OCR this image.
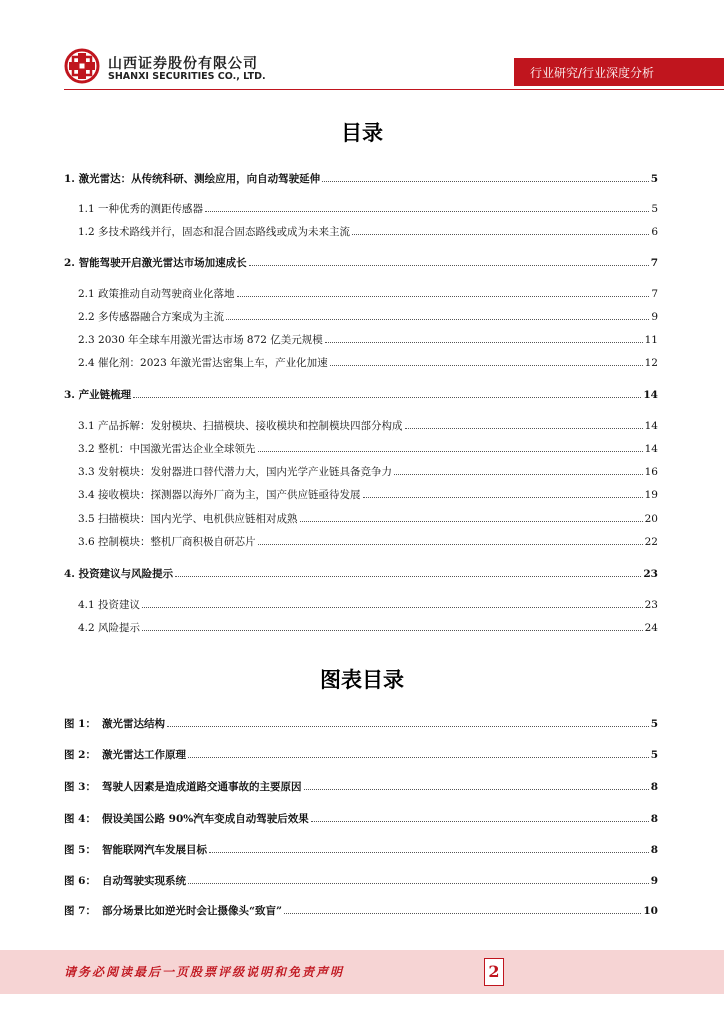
山西证券股份有限公司
SHANXI SECURITIES CO., LTD.	行业研究/行业深度分析
目录
1. 激光雷达：从传统科研、测绘应用，向自动驾驶延伸	5
1.1 一种优秀的测距传感器	5
1.2 多技术路线并行，固态和混合固态路线或成为未来主流	6
2. 智能驾驶开启激光雷达市场加速成长	7
2.1 政策推动自动驾驶商业化落地	7
2.2 多传感器融合方案成为主流	9
2.3 2030 年全球车用激光雷达市场 872 亿美元规模	11
2.4 催化剂：2023 年激光雷达密集上车，产业化加速	12
3. 产业链梳理	14
3.1 产品拆解：发射模块、扫描模块、接收模块和控制模块四部分构成	14
3.2 整机：中国激光雷达企业全球领先	14
3.3 发射模块：发射器进口替代潜力大，国内光学产业链具备竞争力	16
3.4 接收模块：探测器以海外厂商为主，国产供应链亟待发展	19
3.5 扫描模块：国内光学、电机供应链相对成熟	20
3.6 控制模块：整机厂商积极自研芯片	22
4. 投资建议与风险提示	23
4.1 投资建议	23
4.2 风险提示	24
图表目录
图 1： 激光雷达结构	5
图 2： 激光雷达工作原理	5
图 3： 驾驶人因素是造成道路交通事故的主要原因	8
图 4： 假设美国公路 90%汽车变成自动驾驶后效果	8
图 5： 智能联网汽车发展目标	8
图 6： 自动驾驶实现系统	9
图 7： 部分场景比如逆光时会让摄像头“致盲”	10
请务必阅读最后一页股票评级说明和免责声明	2
